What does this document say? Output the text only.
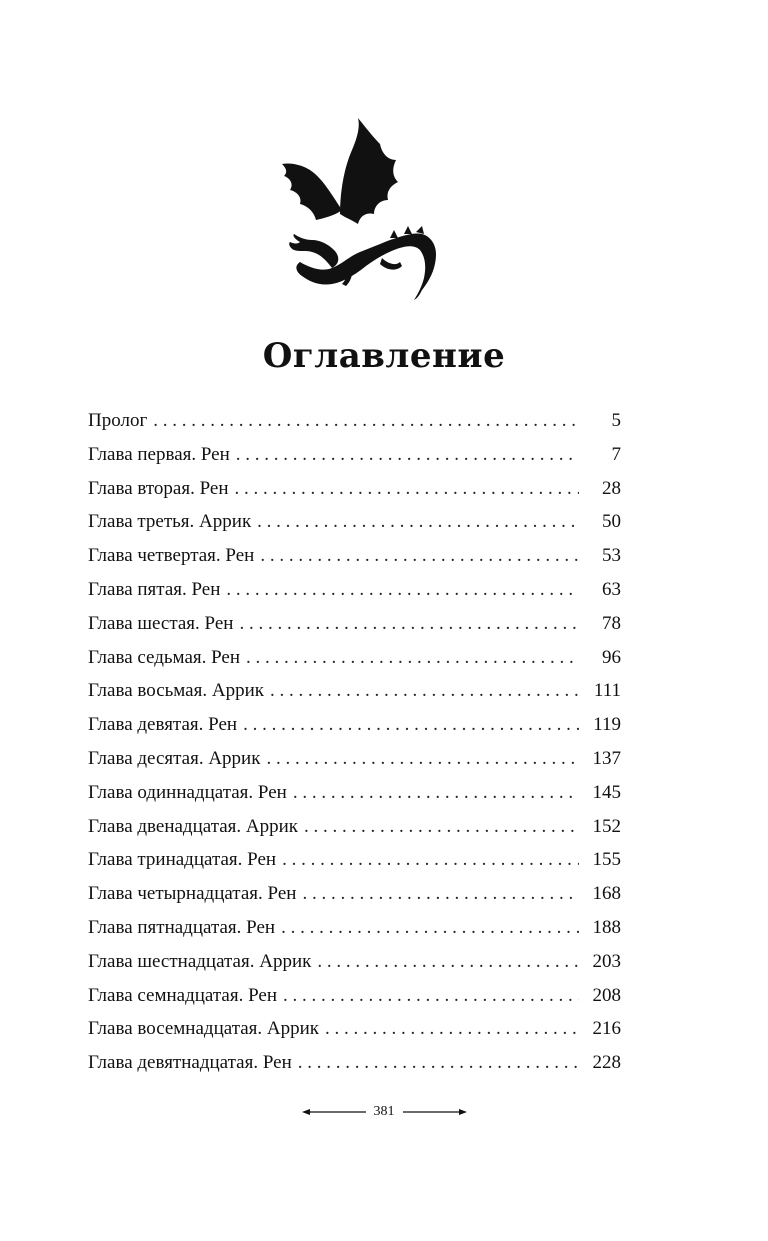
Оглавление
Пролог . . .	5
Глава первая. Рен . . .	7
Глава вторая. Рен . . .	28
Глава третья. Аррик . . .	50
Глава четвертая. Рен . . .	53
Глава пятая. Рен . . .	63
Глава шестая. Рен . . .	78
Глава седьмая. Рен . . .	96
Глава восьмая. Аррик . . .	111
Глава девятая. Рен . . .	119
Глава десятая. Аррик . . .	137
Глава одиннадцатая. Рен . . .	145
Глава двенадцатая. Аррик . . .	152
Глава тринадцатая. Рен . . .	155
Глава четырнадцатая. Рен . . .	168
Глава пятнадцатая. Рен . . .	188
Глава шестнадцатая. Аррик . . .	203
Глава семнадцатая. Рен . . .	208
Глава восемнадцатая. Аррик . . .	216
Глава девятнадцатая. Рен . . .	228
381
